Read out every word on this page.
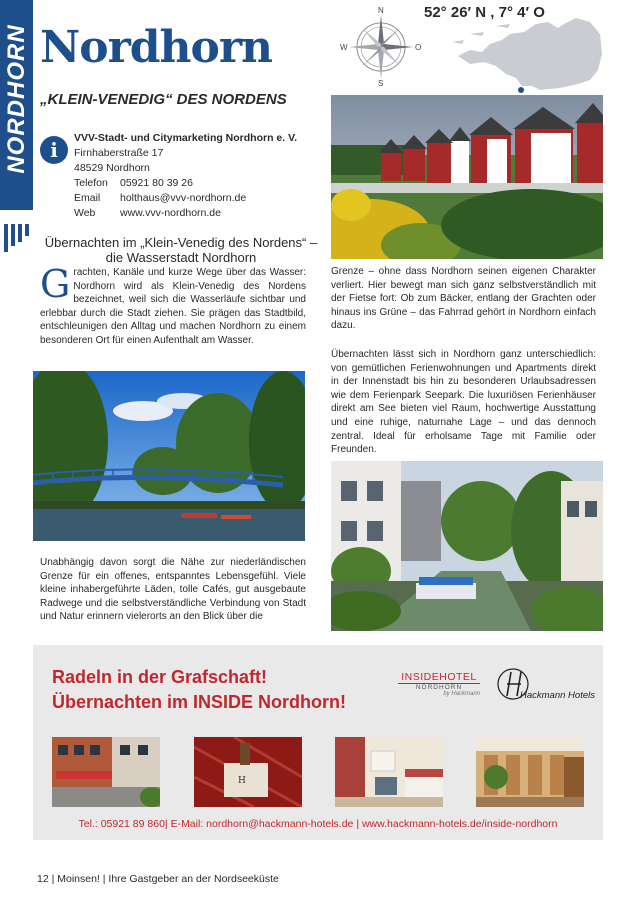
NORDHORN Nordhorn
„KLEIN-VENEDIG“ DES NORDENS
N
S
W	O
52° 26′ N , 7° 4′ O
i	VVV-Stadt- und Citymarketing Nordhorn e. V.
Firnhaberstraße 17
48529 Nordhorn
Telefon 05921 80 39 26
Email holthaus@vvv-nordhorn.de
Web www.vvv-nordhorn.de
Übernachten im „Klein-Venedig des Nordens“ – die Wasserstadt Nordhorn
Grachten, Kanäle und kurze Wege über das Wasser: Nordhorn wird als Klein-Venedig des Nordens bezeichnet, weil sich die Wasserläufe sichtbar und erlebbar durch die Stadt ziehen. Sie prägen das Stadtbild, entschleunigen den Alltag und machen Nordhorn zu einem besonderen Ort für einen Aufenthalt am Wasser.
Unabhängig davon sorgt die Nähe zur niederländischen Grenze für ein offenes, entspanntes Lebensgefühl. Viele kleine inhabergeführte Läden, tolle Cafés, gut ausgebaute Radwege und die selbstverständliche Verbindung von Stadt und Natur erinnern vielerorts an den Blick über die
Grenze – ohne dass Nordhorn seinen eigenen Charakter verliert. Hier bewegt man sich ganz selbstverständlich mit der Fietse fort: Ob zum Bäcker, entlang der Grachten oder hinaus ins Grüne – das Fahrrad gehört in Nordhorn einfach dazu.
Übernachten lässt sich in Nordhorn ganz unterschiedlich: von gemütlichen Ferienwohnungen und Apartments direkt in der Innenstadt bis hin zu besonderen Urlaubsadressen wie dem Ferienpark Seepark. Die luxuriösen Ferienhäuser direkt am See bieten viel Raum, hochwertige Ausstattung und eine ruhige, naturnahe Lage – und das dennoch zentral. Ideal für erholsame Tage mit Familie oder Freunden.
Radeln in der Grafschaft!
Übernachten im INSIDE Nordhorn!
INSIDEHOTEL
NORDHORN
by Hackmann	Hackmann Hotels
H
Tel.: 05921 89 860| E-Mail: nordhorn@hackmann-hotels.de | www.hackmann-hotels.de/inside-nordhorn
12 | Moinsen! | Ihre Gastgeber an der Nordseeküste
